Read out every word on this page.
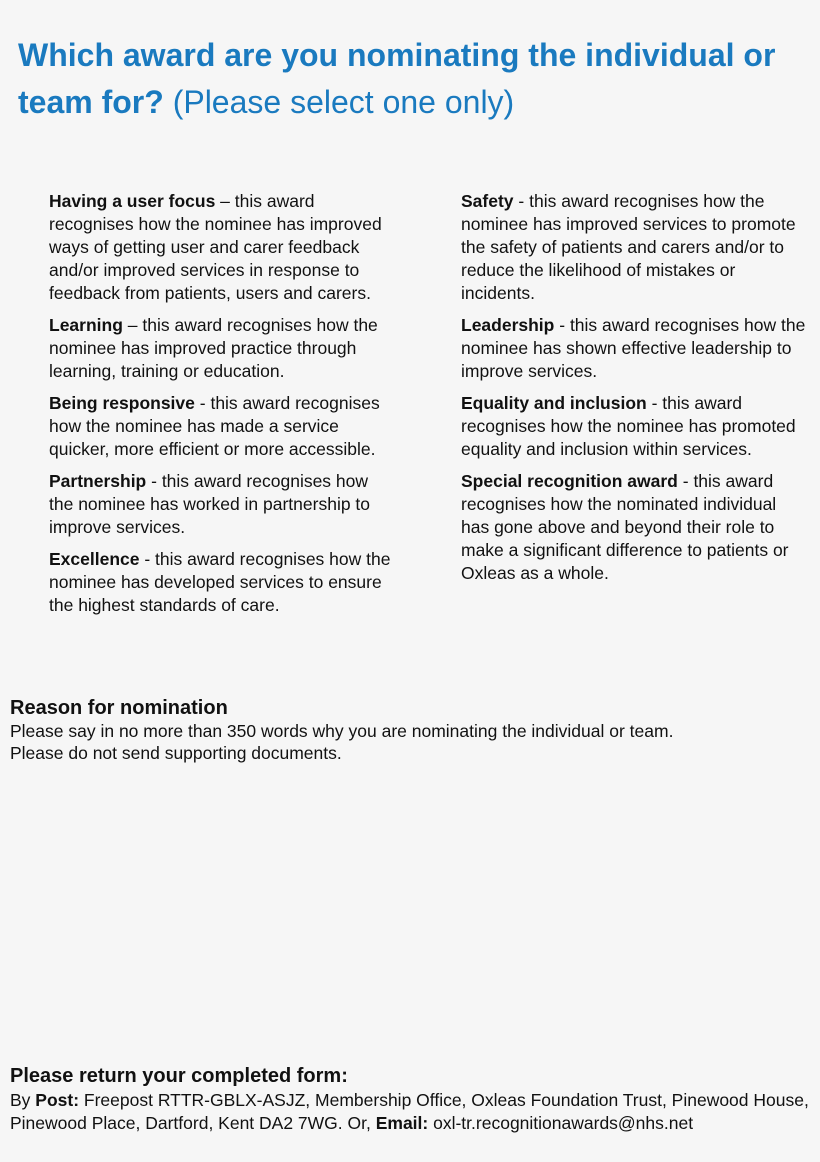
Which award are you nominating the individual or team for? (Please select one only)

Having a user focus – this award recognises how the nominee has improved ways of getting user and carer feedback and/or improved services in response to feedback from patients, users and carers.

Learning – this award recognises how the nominee has improved practice through learning, training or education.

Being responsive - this award recognises how the nominee has made a service quicker, more efficient or more accessible.

Partnership - this award recognises how the nominee has worked in partnership to improve services.

Excellence - this award recognises how the nominee has developed services to ensure the highest standards of care.

Safety - this award recognises how the nominee has improved services to promote the safety of patients and carers and/or to reduce the likelihood of mistakes or incidents.

Leadership - this award recognises how the nominee has shown effective leadership to improve services.

Equality and inclusion - this award recognises how the nominee has promoted equality and inclusion within services.

Special recognition award - this award recognises how the nominated individual has gone above and beyond their role to make a significant difference to patients or Oxleas as a whole.

Reason for nomination

Please say in no more than 350 words why you are nominating the individual or team.

Please do not send supporting documents.

Please return your completed form:

By Post: Freepost RTTR-GBLX-ASJZ, Membership Office, Oxleas Foundation Trust, Pinewood House, Pinewood Place, Dartford, Kent DA2 7WG. Or, Email: oxl-tr.recognitionawards@nhs.net
